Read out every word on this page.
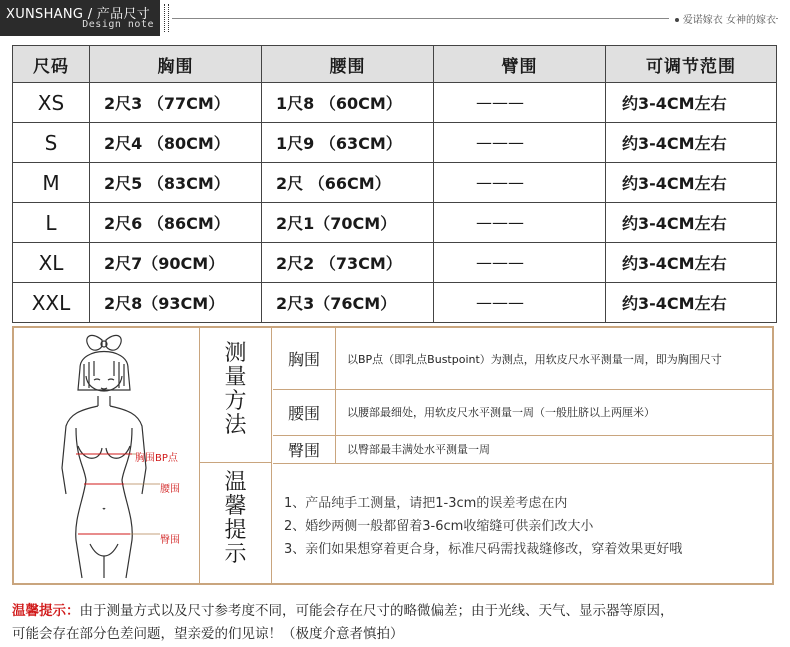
XUNSHANG / 产品尺寸
Design note	爱诺嫁衣 女神的嫁衣
尺码	胸围	腰围	臂围	可调节范围
XS	2尺3 （77CM）	1尺8 （60CM）	———	约3-4CM左右
S	2尺4 （80CM）	1尺9 （63CM）	———	约3-4CM左右
M	2尺5 （83CM）	2尺 （66CM）	———	约3-4CM左右
L	2尺6 （86CM）	2尺1（70CM）	———	约3-4CM左右
XL	2尺7（90CM）	2尺2 （73CM）	———	约3-4CM左右
XXL	2尺8（93CM）	2尺3（76CM）	———	约3-4CM左右
胸围BP点
腰围
臀围
测
量
方
法
温
馨
提
示
胸围	以BP点（即乳点Bustpoint）为测点，用软皮尺水平测量一周，即为胸围尺寸
腰围	以腰部最细处，用软皮尺水平测量一周（一般肚脐以上两厘米）
臀围	以臀部最丰满处水平测量一周
1、产品纯手工测量，请把1-3cm的误差考虑在内
2、婚纱两侧一般都留着3-6cm收缩缝可供亲们改大小
3、亲们如果想穿着更合身，标准尺码需找裁缝修改，穿着效果更好哦
温馨提示：由于测量方式以及尺寸参考度不同，可能会存在尺寸的略微偏差；由于光线、天气、显示器等原因，
可能会存在部分色差问题，望亲爱的们见谅！（极度介意者慎拍）
